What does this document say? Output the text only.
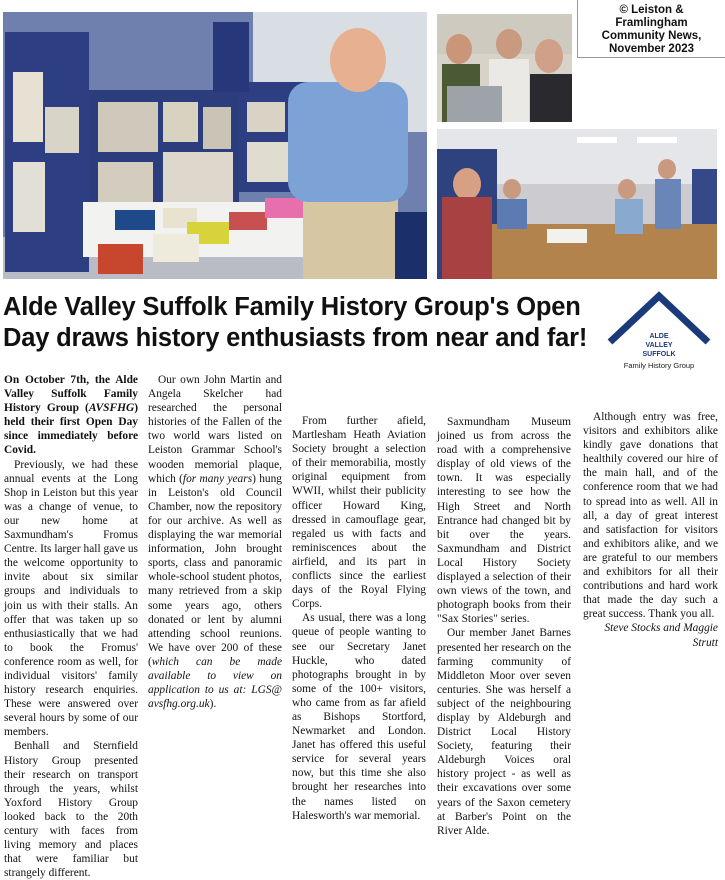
© Leiston &
Framlingham
Community News,
November 2023
Alde Valley Suffolk Family History Group's Open
Day draws history enthusiasts from near and far!	ALDE
VALLEY
SUFFOLK
Family History Group

On October 7th, the Alde Valley Suffolk Family History Group (AVSFHG) held their first Open Day since immediately before Covid.

Previously, we had these annual events at the Long Shop in Leiston but this year was a change of venue, to our new home at Saxmundham's Fromus Centre. Its larger hall gave us the welcome opportunity to invite about six similar groups and individuals to join us with their stalls. An offer that was taken up so enthusiastically that we had to book the Fromus' conference room as well, for individual visitors' family history research enquiries. These were answered over several hours by some of our members.

Benhall and Sternfield History Group presented their research on transport through the years, whilst Yoxford History Group looked back to the 20th century with faces from living memory and places that were familiar but strangely different.

Our own John Martin and Angela Skelcher had researched the personal histories of the Fallen of the two world wars listed on Leiston Grammar School's wooden memorial plaque, which (for many years) hung in Leiston's old Council Chamber, now the repository for our archive. As well as displaying the war memorial information, John brought sports, class and panoramic whole-school student photos, many retrieved from a skip some years ago, others donated or lent by alumni attending school reunions. We have over 200 of these (which can be made available to view on application to us at: LGS@ avsfhg.org.uk).

From further afield, Martlesham Heath Aviation Society brought a selection of their memorabilia, mostly original equipment from WWII, whilst their publicity officer Howard King, dressed in camouflage gear, regaled us with facts and reminiscences about the airfield, and its part in conflicts since the earliest days of the Royal Flying Corps.

As usual, there was a long queue of people wanting to see our Secretary Janet Huckle, who dated photographs brought in by some of the 100+ visitors, who came from as far afield as Bishops Stortford, Newmarket and London. Janet has offered this useful service for several years now, but this time she also brought her researches into the names listed on Halesworth's war memorial.

Saxmundham Museum joined us from across the road with a comprehensive display of old views of the town. It was especially interesting to see how the High Street and North Entrance had changed bit by bit over the years. Saxmundham and District Local History Society displayed a selection of their own views of the town, and photograph books from their "Sax Stories" series.

Our member Janet Barnes presented her research on the farming community of Middleton Moor over seven centuries. She was herself a subject of the neighbouring display by Aldeburgh and District Local History Society, featuring their Aldeburgh Voices oral history project - as well as their excavations over some years of the Saxon cemetery at Barber's Point on the River Alde.

Although entry was free, visitors and exhibitors alike kindly gave donations that healthily covered our hire of the main hall, and of the conference room that we had to spread into as well. All in all, a day of great interest and satisfaction for visitors and exhibitors alike, and we are grateful to our members and exhibitors for all their contributions and hard work that made the day such a great success. Thank you all.

Steve Stocks and Maggie Strutt
